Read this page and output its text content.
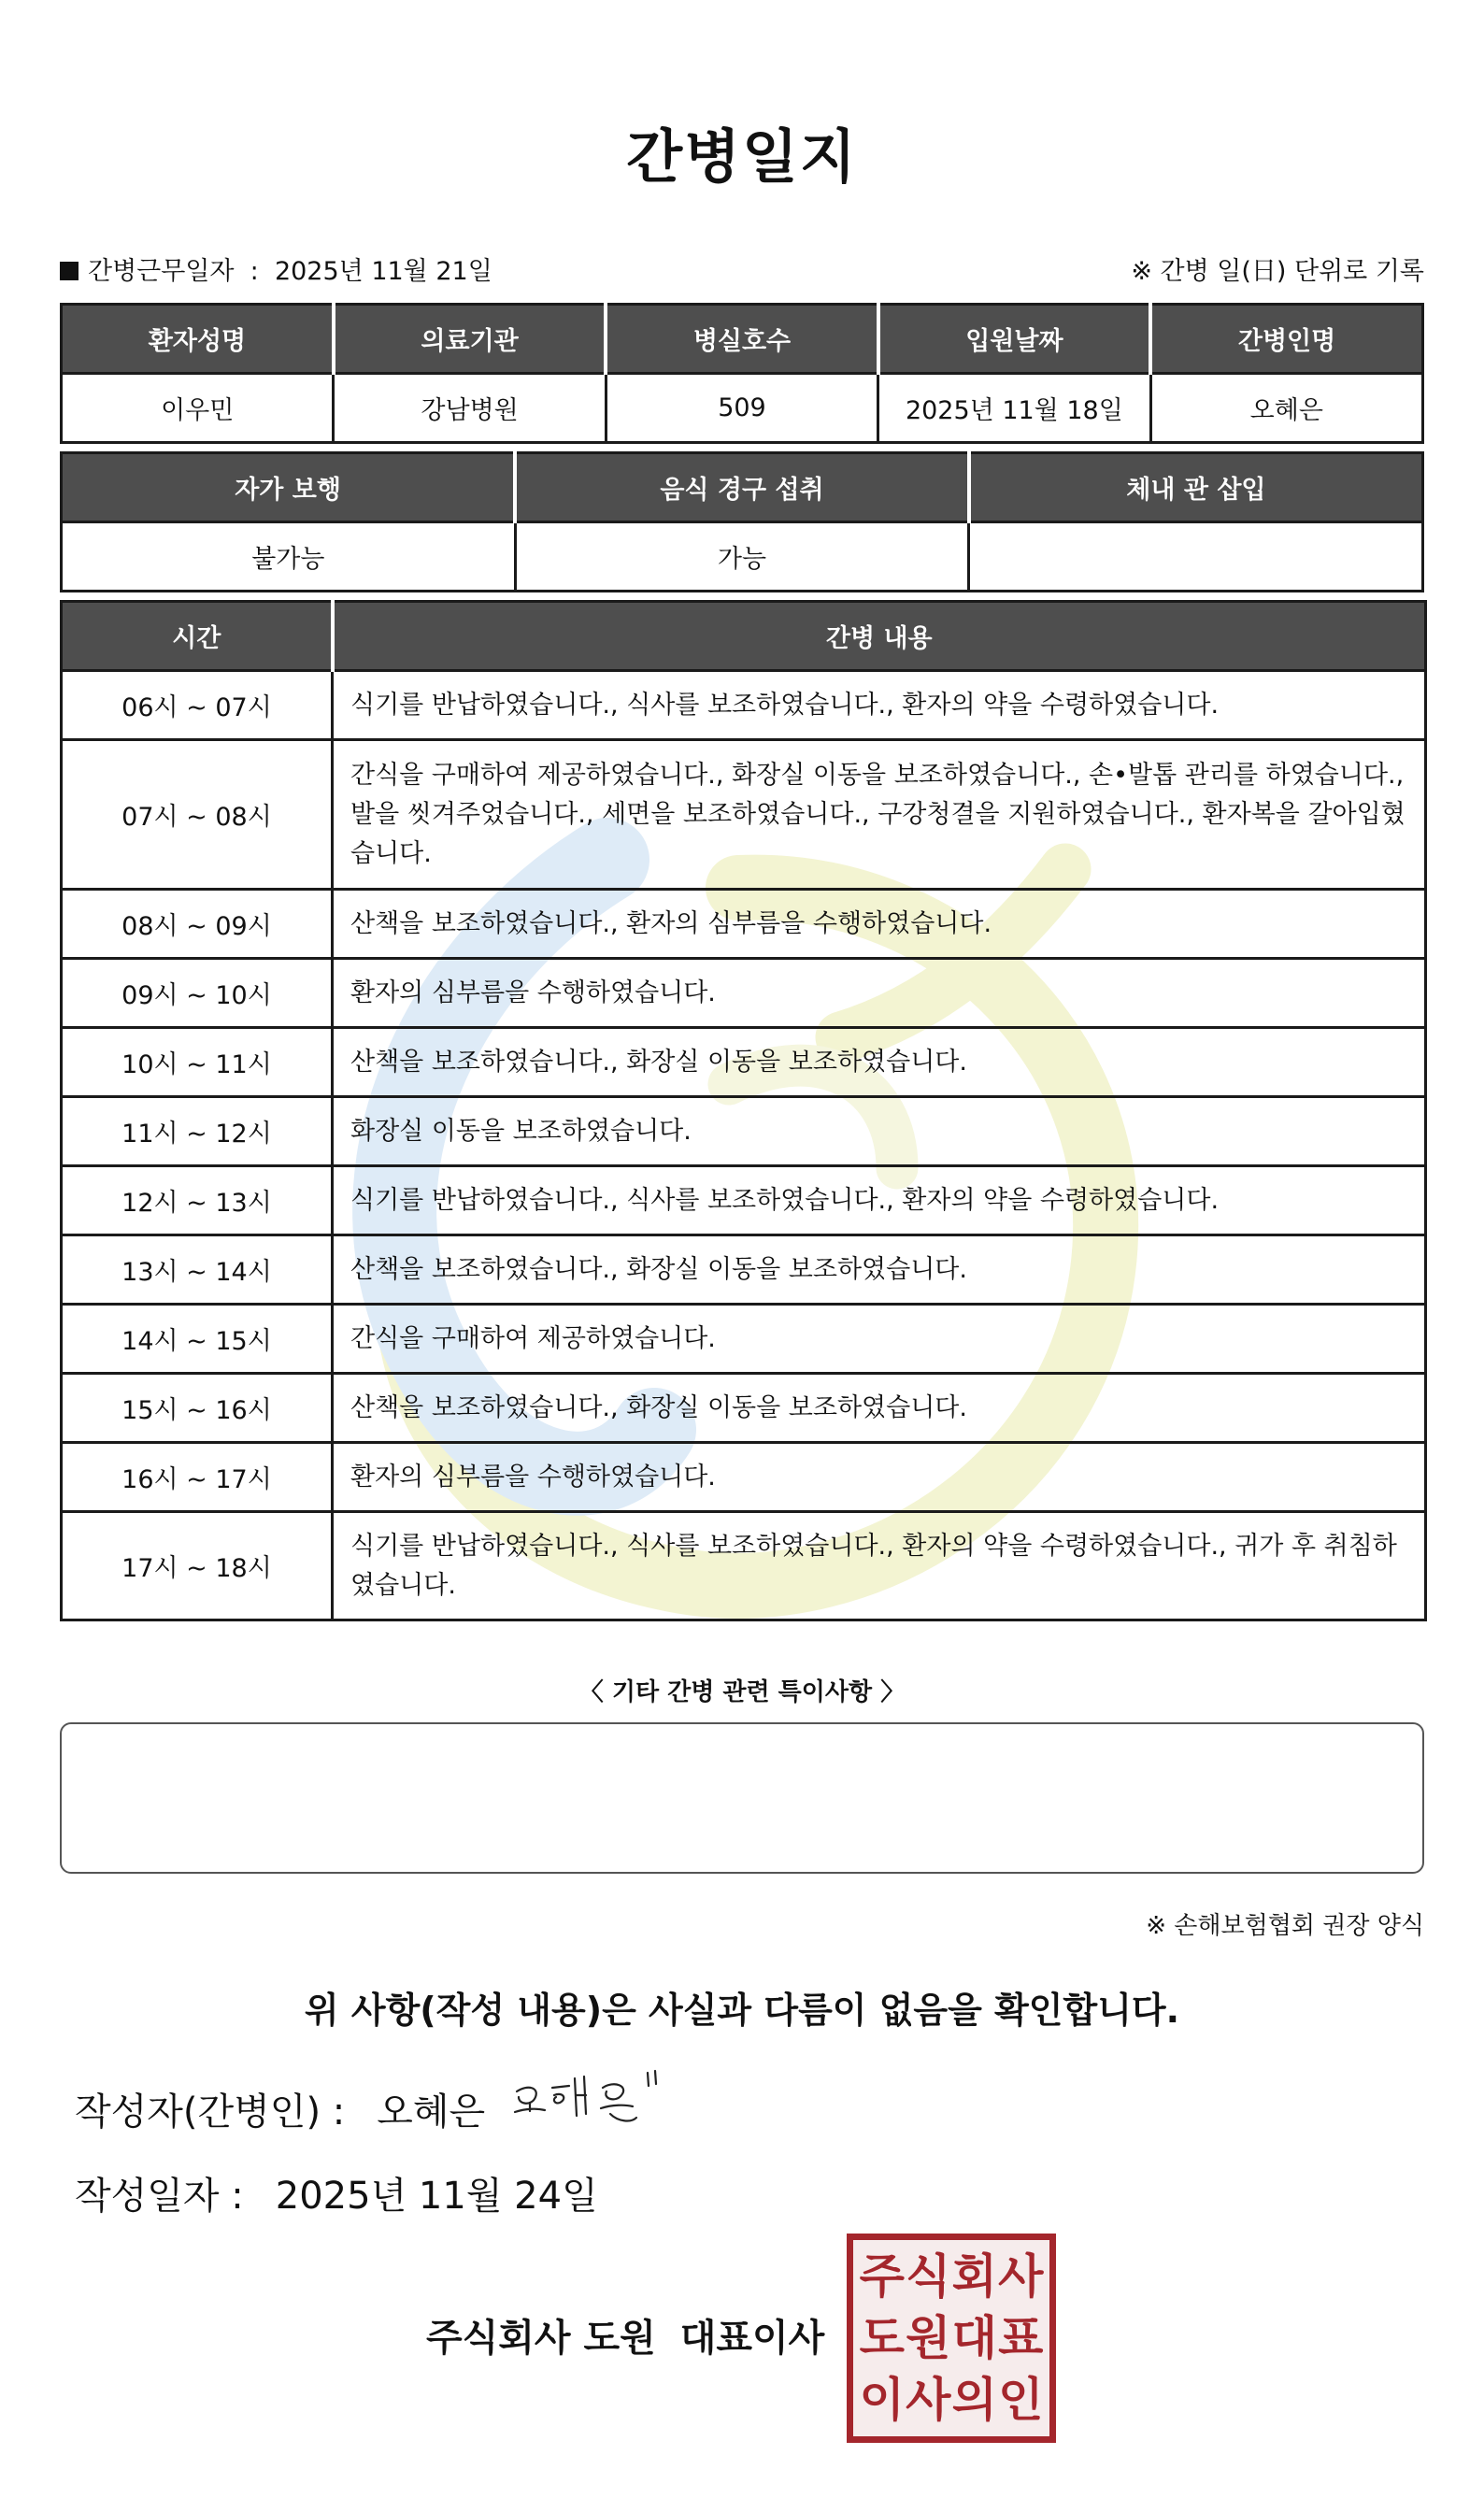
간병일지
간병근무일자 : 2025년 11월 21일	※ 간병 일(日) 단위로 기록
환자성명	의료기관	병실호수	입원날짜	간병인명
이우민	강남병원	509	2025년 11월 18일	오혜은
자가 보행	음식 경구 섭취	체내 관 삽입
불가능	가능	
시간	간병 내용
06시 ~ 07시	식기를 반납하였습니다., 식사를 보조하였습니다., 환자의 약을 수령하였습니다.
07시 ~ 08시	간식을 구매하여 제공하였습니다., 화장실 이동을 보조하였습니다., 손•발톱 관리를 하였습니다., 발을 씻겨주었습니다., 세면을 보조하였습니다., 구강청결을 지원하였습니다., 환자복을 갈아입혔습니다.
08시 ~ 09시	산책을 보조하였습니다., 환자의 심부름을 수행하였습니다.
09시 ~ 10시	환자의 심부름을 수행하였습니다.
10시 ~ 11시	산책을 보조하였습니다., 화장실 이동을 보조하였습니다.
11시 ~ 12시	화장실 이동을 보조하였습니다.
12시 ~ 13시	식기를 반납하였습니다., 식사를 보조하였습니다., 환자의 약을 수령하였습니다.
13시 ~ 14시	산책을 보조하였습니다., 화장실 이동을 보조하였습니다.
14시 ~ 15시	간식을 구매하여 제공하였습니다.
15시 ~ 16시	산책을 보조하였습니다., 화장실 이동을 보조하였습니다.
16시 ~ 17시	환자의 심부름을 수행하였습니다.
17시 ~ 18시	식기를 반납하였습니다., 식사를 보조하였습니다., 환자의 약을 수령하였습니다., 귀가 후 취침하였습니다.
〈 기타 간병 관련 특이사항 〉
※ 손해보험협회 권장 양식
위 사항(작성 내용)은 사실과 다름이 없음을 확인합니다.
작성자(간병인) : 오혜은
작성일자 : 2025년 11월 24일
주식회사 도원 대표이사
주 식 회 사
도 원 대 표
이 사 의 인
